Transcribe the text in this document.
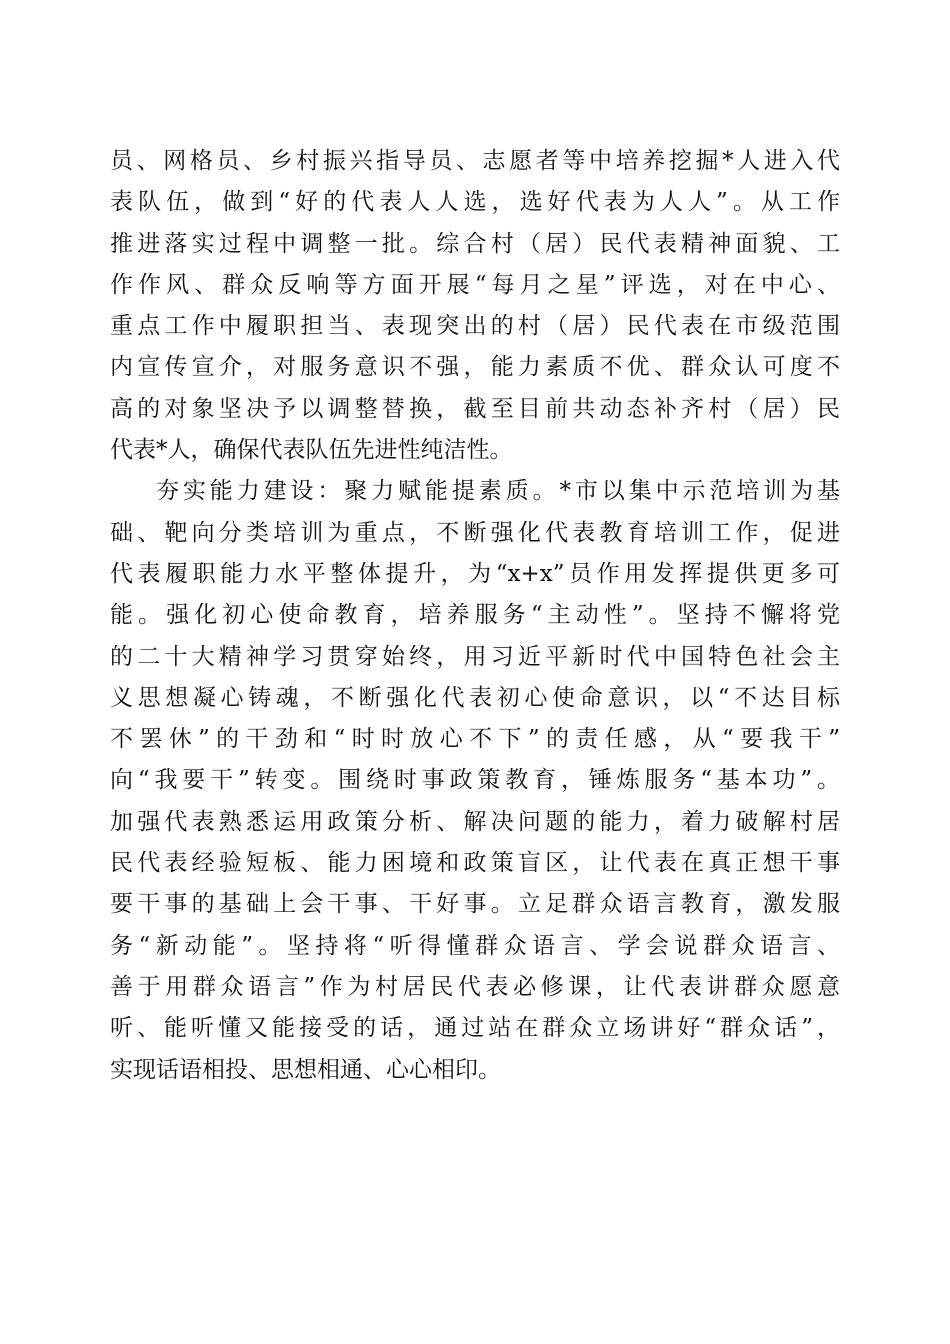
员、网格员、乡村振兴指导员、志愿者等中培养挖掘*人进入代
表队伍，做到“好的代表人人选，选好代表为人人”。从工作
推进落实过程中调整一批。综合村（居）民代表精神面貌、工
作作风、群众反响等方面开展“每月之星”评选，对在中心、
重点工作中履职担当、表现突出的村（居）民代表在市级范围
内宣传宣介，对服务意识不强，能力素质不优、群众认可度不
高的对象坚决予以调整替换，截至目前共动态补齐村（居）民
代表*人，确保代表队伍先进性纯洁性。
夯实能力建设：聚力赋能提素质。*市以集中示范培训为基
础、靶向分类培训为重点，不断强化代表教育培训工作，促进
代表履职能力水平整体提升，为“x+x”员作用发挥提供更多可
能。强化初心使命教育，培养服务“主动性”。坚持不懈将党
的二十大精神学习贯穿始终，用习近平新时代中国特色社会主
义思想凝心铸魂，不断强化代表初心使命意识，以“不达目标
不罢休”的干劲和“时时放心不下”的责任感，从“要我干”
向“我要干”转变。围绕时事政策教育，锤炼服务“基本功”。
加强代表熟悉运用政策分析、解决问题的能力，着力破解村居
民代表经验短板、能力困境和政策盲区，让代表在真正想干事
要干事的基础上会干事、干好事。立足群众语言教育，激发服
务“新动能”。坚持将“听得懂群众语言、学会说群众语言、
善于用群众语言”作为村居民代表必修课，让代表讲群众愿意
听、能听懂又能接受的话，通过站在群众立场讲好“群众话”，
实现话语相投、思想相通、心心相印。
